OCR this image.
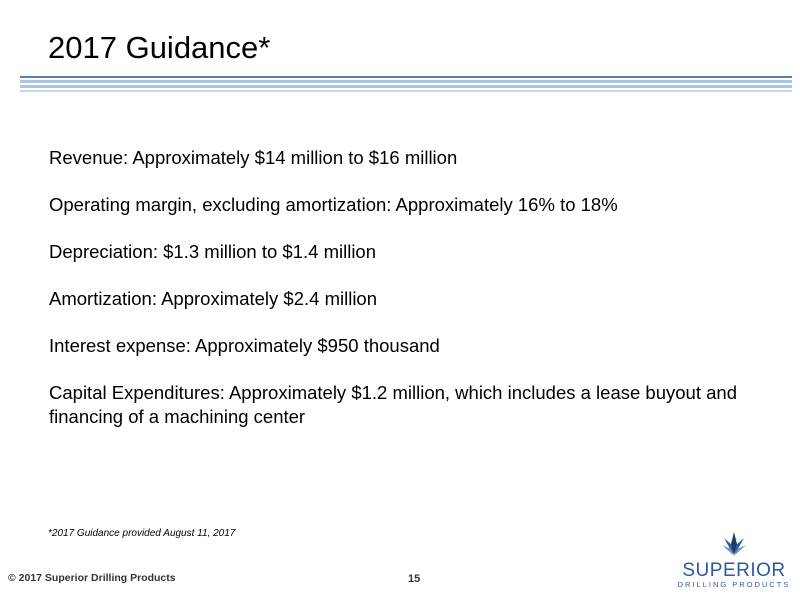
2017 Guidance*
Revenue: Approximately $14 million to $16 million
Operating margin, excluding amortization: Approximately 16% to 18%
Depreciation: $1.3 million to $1.4 million
Amortization: Approximately $2.4 million
Interest expense: Approximately $950 thousand
Capital Expenditures: Approximately $1.2 million, which includes a lease buyout and financing of a machining center
*2017 Guidance provided August 11, 2017
© 2017 Superior Drilling Products	15	SUPERIOR
DRILLING PRODUCTS
